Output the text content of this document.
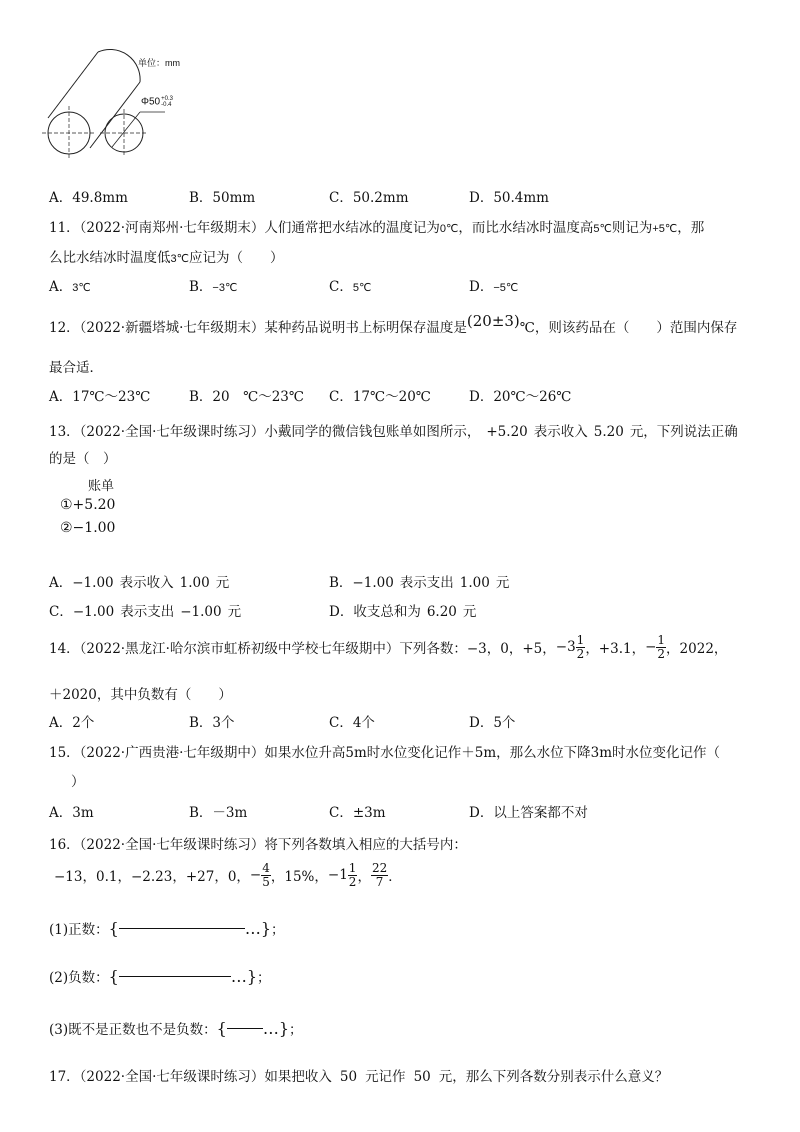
单位：mm
Φ50 +0.3
-0.4
A．49.8mm	B．50mm	C．50.2mm	D．50.4mm
11．（2022·河南郑州·七年级期末）人们通常把水结冰的温度记为0℃，而比水结冰时温度高5℃则记为+5℃，那
么比水结冰时温度低3℃应记为（　　）
A．3℃	B．−3℃	C．5℃	D．−5℃
12．（2022·新疆塔城·七年级期末）某种药品说明书上标明保存温度是(20±3)℃，则该药品在（　　）范围内保存
最合适．
A．17℃～23℃	B．20　℃～23℃ C．17℃～20℃	D．20℃～26℃
13．（2022·全国·七年级课时练习）小戴同学的微信钱包账单如图所示， +5.20 表示收入 5.20 元，下列说法正确
的是（　）
账单
①+5.20
②−1.00
A．−1.00 表示收入 1.00 元	B．−1.00 表示支出 1.00 元
C．−1.00 表示支出 −1.00 元	D．收支总和为 6.20 元
14．（2022·黑龙江·哈尔滨市虹桥初级中学校七年级期中）下列各数：−3，0，+5， $-3 \frac{1}{2}$ ，+3.1， − $\frac{1}{2}$ ，2022，
＋2020，其中负数有（　　）
A．2个	B．3个	C．4个	D．5个
15．（2022·广西贵港·七年级期中）如果水位升高5m时水位变化记作＋5m，那么水位下降3m时水位变化记作（
）
A．3m	B．－3m	C．±3m	D．以上答案都不对
16．（2022·全国·七年级课时练习）将下列各数填入相应的大括号内：
−13，0.1，−2.23，+27，0， − $\frac{4}{5}$ ，15%， $-1 \frac{1}{2}$ ， $\frac{22}{7}$ ．
(1)正数： {	…} ；
(2)负数： {	…} ；
(3)既不是正数也不是负数： { …} ；
17．（2022·全国·七年级课时练习）如果把收入 50 元记作 50 元，那么下列各数分别表示什么意义？
